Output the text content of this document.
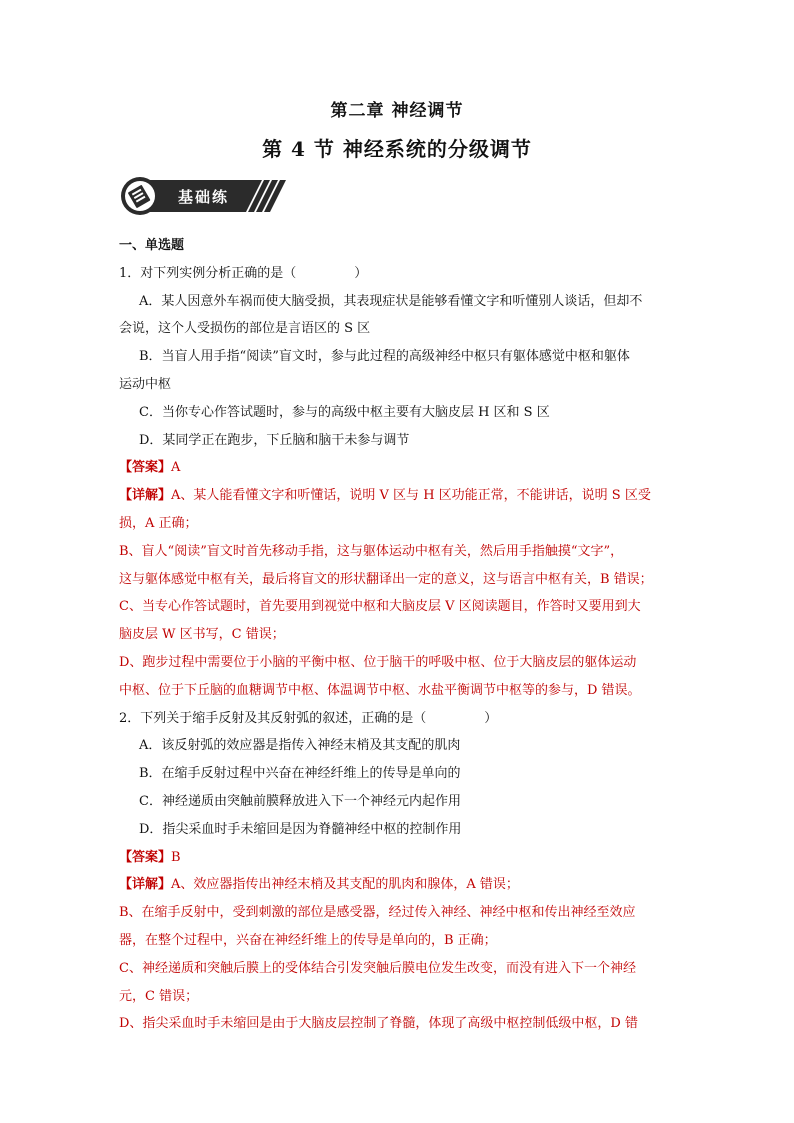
第二章 神经调节
第 4 节 神经系统的分级调节
基础练
一、单选题
1．对下列实例分析正确的是（	）
A．某人因意外车祸而使大脑受损，其表现症状是能够看懂文字和听懂别人谈话，但却不
会说，这个人受损伤的部位是言语区的 S 区
B．当盲人用手指“阅读”盲文时，参与此过程的高级神经中枢只有躯体感觉中枢和躯体
运动中枢
C．当你专心作答试题时，参与的高级中枢主要有大脑皮层 H 区和 S 区
D．某同学正在跑步，下丘脑和脑干未参与调节
【答案】A
【详解】A、某人能看懂文字和听懂话，说明 V 区与 H 区功能正常，不能讲话，说明 S 区受
损，A 正确；
B、盲人“阅读”盲文时首先移动手指，这与躯体运动中枢有关，然后用手指触摸“文字”，
这与躯体感觉中枢有关，最后将盲文的形状翻译出一定的意义，这与语言中枢有关，B 错误；
C、当专心作答试题时，首先要用到视觉中枢和大脑皮层 V 区阅读题目，作答时又要用到大
脑皮层 W 区书写，C 错误；
D、跑步过程中需要位于小脑的平衡中枢、位于脑干的呼吸中枢、位于大脑皮层的躯体运动
中枢、位于下丘脑的血糖调节中枢、体温调节中枢、水盐平衡调节中枢等的参与，D 错误。
2．下列关于缩手反射及其反射弧的叙述，正确的是（	）
A．该反射弧的效应器是指传入神经末梢及其支配的肌肉
B．在缩手反射过程中兴奋在神经纤维上的传导是单向的
C．神经递质由突触前膜释放进入下一个神经元内起作用
D．指尖采血时手未缩回是因为脊髓神经中枢的控制作用
【答案】B
【详解】A、效应器指传出神经末梢及其支配的肌肉和腺体，A 错误；
B、在缩手反射中，受到刺激的部位是感受器，经过传入神经、神经中枢和传出神经至效应
器，在整个过程中，兴奋在神经纤维上的传导是单向的，B 正确；
C、神经递质和突触后膜上的受体结合引发突触后膜电位发生改变，而没有进入下一个神经
元，C 错误；
D、指尖采血时手未缩回是由于大脑皮层控制了脊髓，体现了高级中枢控制低级中枢，D 错
